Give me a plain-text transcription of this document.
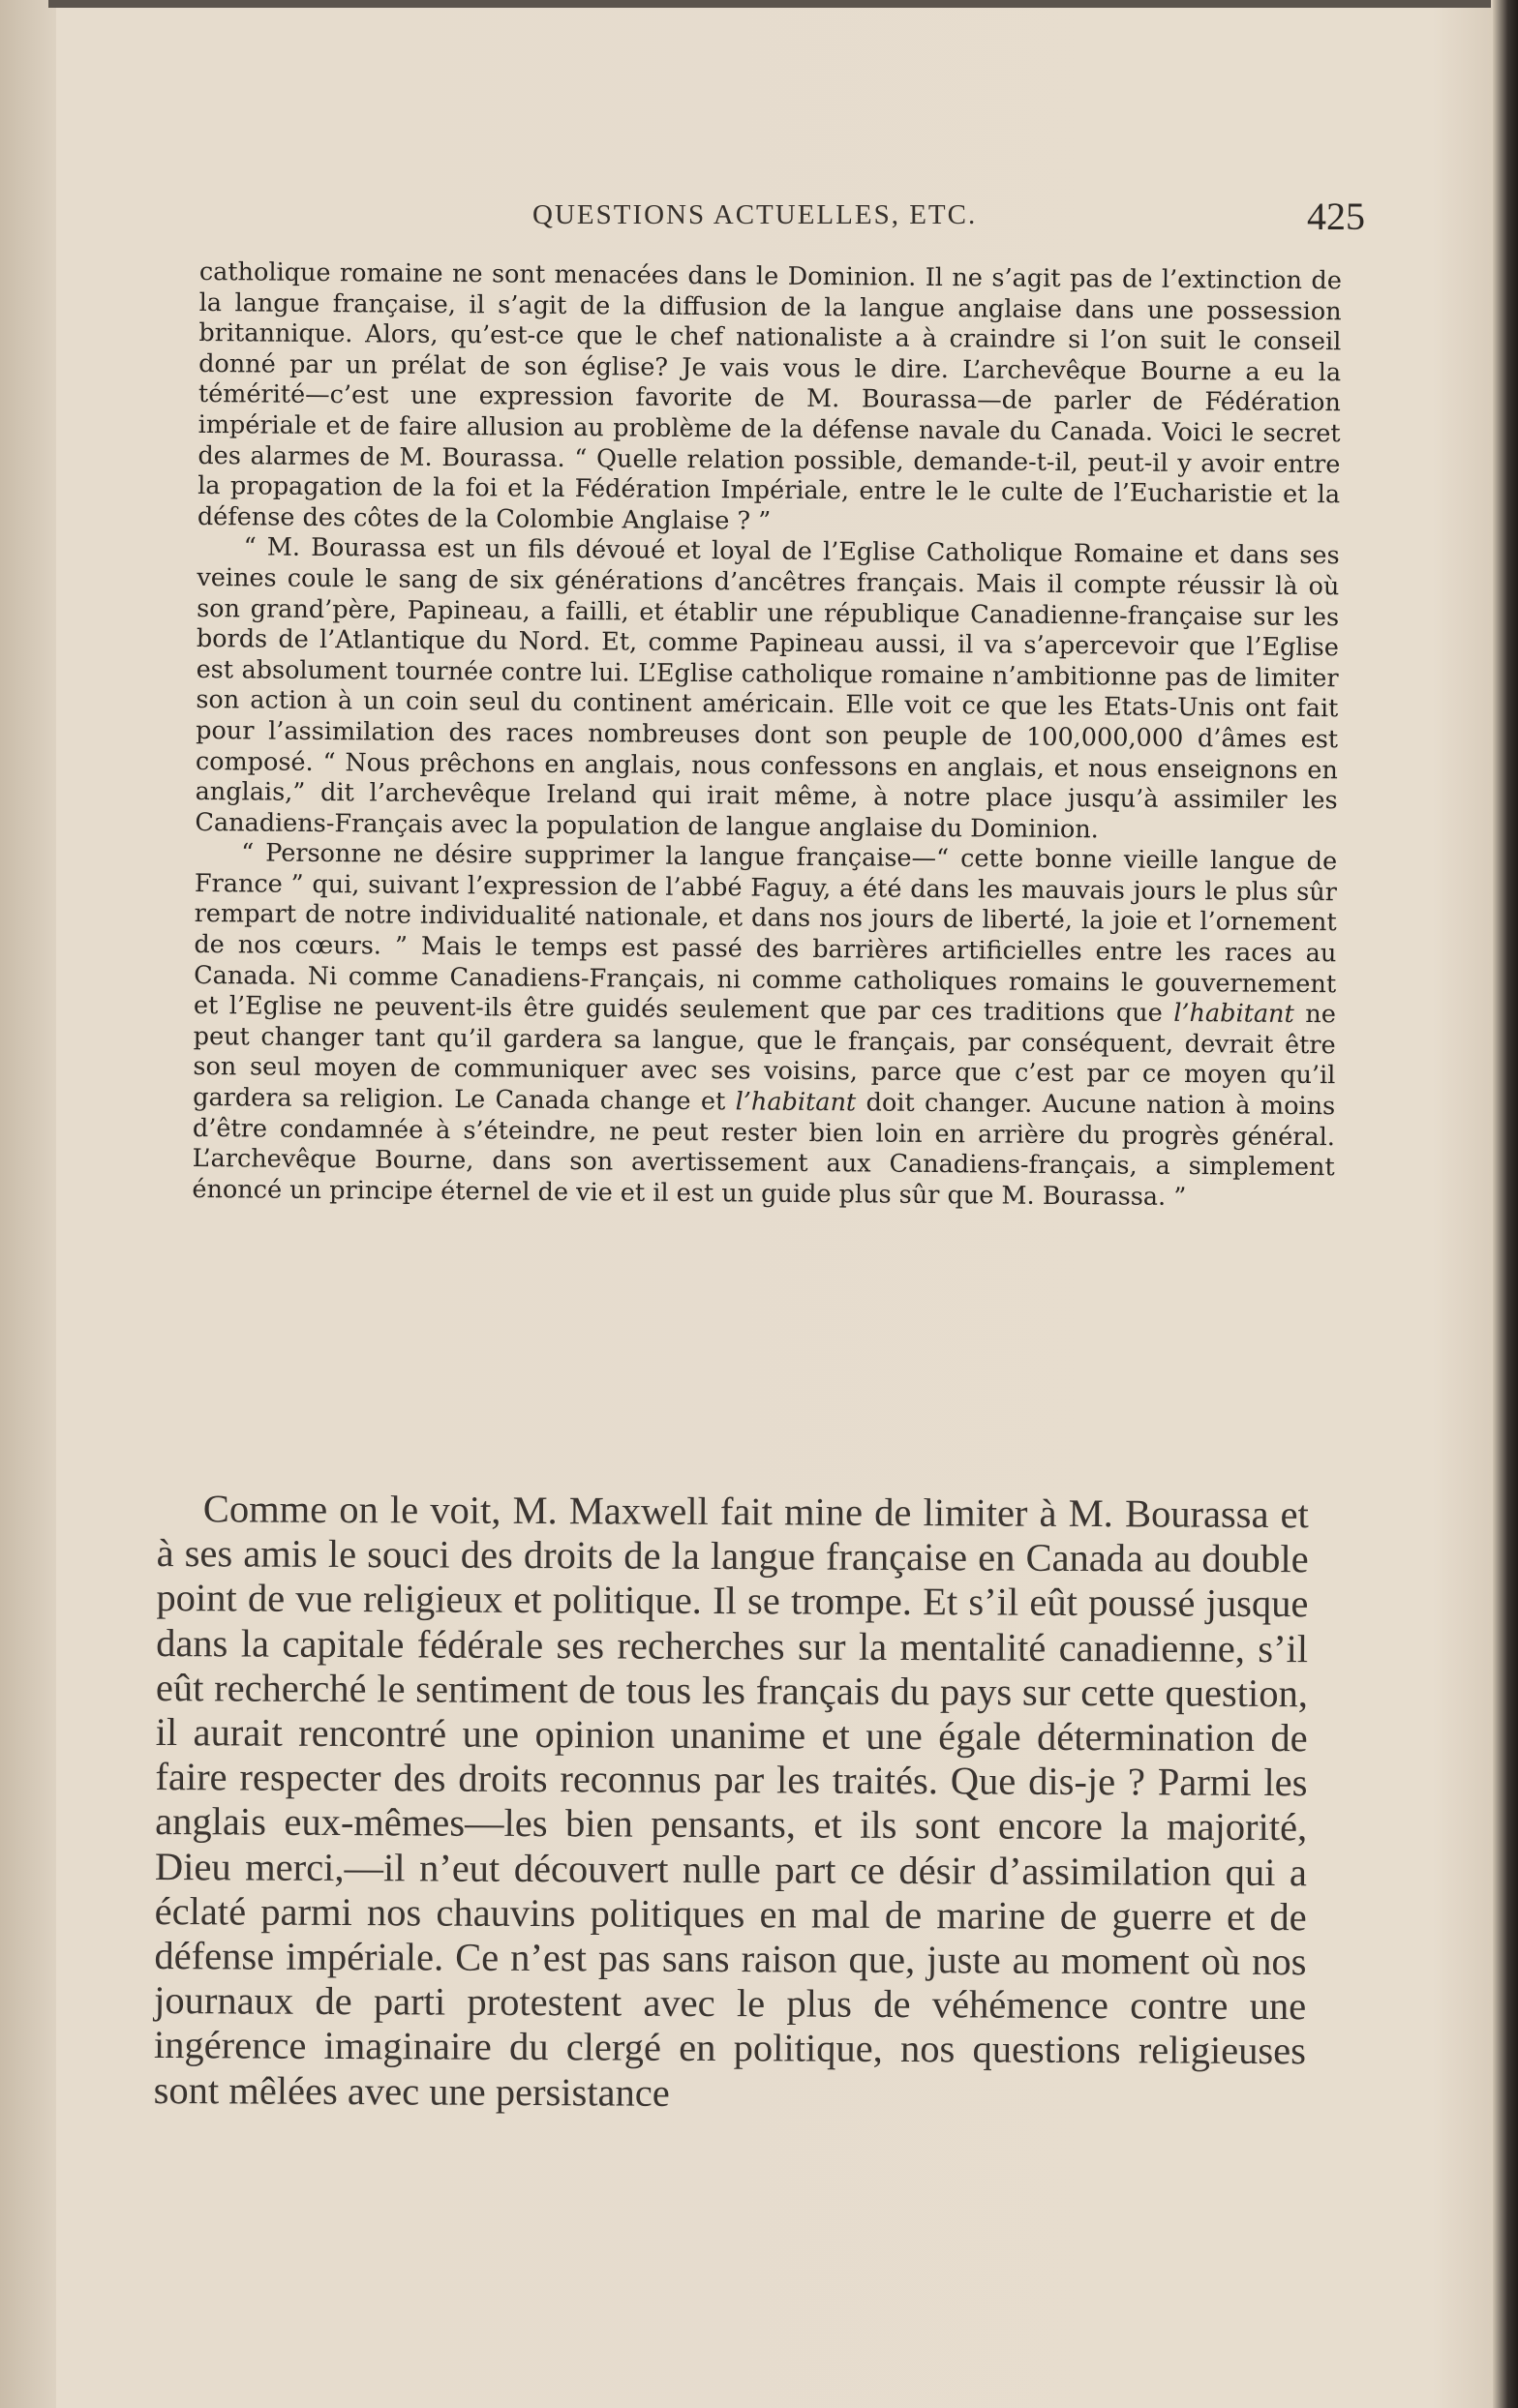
QUESTIONS ACTUELLES, ETC.	425

catholique romaine ne sont menacées dans le Dominion. Il ne s’agit pas de l’extinction de la langue française, il s’agit de la diffusion de la langue anglaise dans une possession britannique. Alors, qu’est-ce que le chef nationaliste a à craindre si l’on suit le conseil donné par un prélat de son église? Je vais vous le dire. L’archevêque Bourne a eu la témérité—c’est une expression favorite de M. Bourassa—de parler de Fédération impériale et de faire allusion au problème de la défense navale du Canada. Voici le secret des alarmes de M. Bourassa. “ Quelle relation possible, demande-t-il, peut-il y avoir entre la propagation de la foi et la Fédération Impériale, entre le le culte de l’Eucharistie et la défense des côtes de la Colombie Anglaise ? ”

“ M. Bourassa est un fils dévoué et loyal de l’Eglise Catholique Romaine et dans ses veines coule le sang de six générations d’ancêtres français. Mais il compte réussir là où son grand’père, Papineau, a failli, et établir une république Canadienne-française sur les bords de l’Atlantique du Nord. Et, comme Papineau aussi, il va s’apercevoir que l’Eglise est absolument tournée contre lui. L’Eglise catholique romaine n’ambitionne pas de limiter son action à un coin seul du continent américain. Elle voit ce que les Etats-Unis ont fait pour l’assimilation des races nombreuses dont son peuple de 100,000,000 d’âmes est composé. “ Nous prêchons en anglais, nous confessons en anglais, et nous enseignons en anglais,” dit l’archevêque Ireland qui irait même, à notre place jusqu’à assimiler les Canadiens-Français avec la population de langue anglaise du Dominion.

“ Personne ne désire supprimer la langue française—“ cette bonne vieille langue de France ” qui, suivant l’expression de l’abbé Faguy, a été dans les mauvais jours le plus sûr rempart de notre individualité nationale, et dans nos jours de liberté, la joie et l’ornement de nos cœurs. ” Mais le temps est passé des barrières artificielles entre les races au Canada. Ni comme Canadiens-Français, ni comme catholiques romains le gouvernement et l’Eglise ne peuvent-ils être guidés seulement que par ces traditions que l’habitant ne peut changer tant qu’il gardera sa langue, que le français, par conséquent, devrait être son seul moyen de communiquer avec ses voisins, parce que c’est par ce moyen qu’il gardera sa religion. Le Canada change et l’habitant doit changer. Aucune nation à moins d’être condamnée à s’éteindre, ne peut rester bien loin en arrière du progrès général. L’archevêque Bourne, dans son avertissement aux Canadiens-français, a simplement énoncé un principe éternel de vie et il est un guide plus sûr que M. Bourassa. ”

Comme on le voit, M. Maxwell fait mine de limiter à M. Bourassa et à ses amis le souci des droits de la langue française en Canada au double point de vue religieux et politique. Il se trompe. Et s’il eût poussé jusque dans la capitale fédérale ses recherches sur la mentalité canadienne, s’il eût recherché le sentiment de tous les français du pays sur cette question, il aurait rencontré une opinion unanime et une égale détermination de faire respecter des droits reconnus par les traités. Que dis-je ? Parmi les anglais eux-mêmes—les bien pensants, et ils sont encore la majorité, Dieu merci,—il n’eut découvert nulle part ce désir d’assimilation qui a éclaté parmi nos chauvins politiques en mal de marine de guerre et de défense impériale. Ce n’est pas sans raison que, juste au moment où nos journaux de parti protestent avec le plus de véhémence contre une ingérence imaginaire du clergé en politique, nos questions religieuses sont mêlées avec une persistance
